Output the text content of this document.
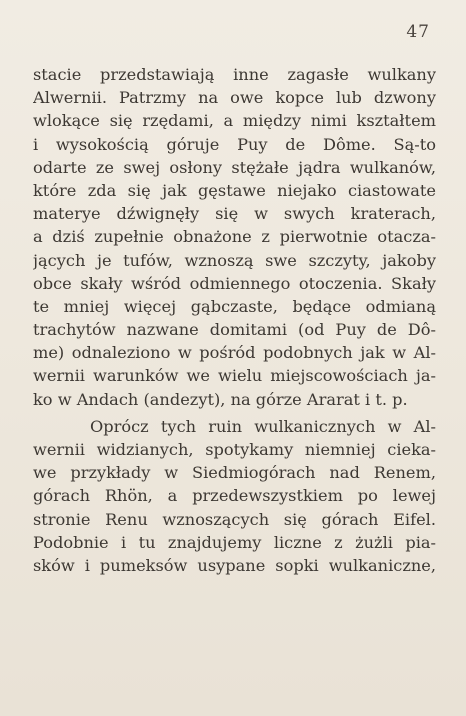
47
stacie przedstawiają inne zagasłe wulkany
Alwernii. Patrzmy na owe kopce lub dzwony
wlokące się rzędami, a między nimi kształtem
i wysokością góruje Puy de Dôme. Są-to
odarte ze swej osłony stężałe jądra wulkanów,
które zda się jak gęstawe niejako ciastowate
materye dźwignęły się w swych kraterach,
a dziś zupełnie obnażone z pierwotnie otacza-
jących je tufów, wznoszą swe szczyty, jakoby
obce skały wśród odmiennego otoczenia. Skały
te mniej więcej gąbczaste, będące odmianą
trachytów nazwane domitami (od Puy de Dô-
me) odnaleziono w pośród podobnych jak w Al-
wernii warunków we wielu miejscowościach ja-
ko w Andach (andezyt), na górze Ararat i t. p.
Oprócz tych ruin wulkanicznych w Al-
wernii widzianych, spotykamy niemniej cieka-
we przykłady w Siedmiogórach nad Renem,
górach Rhön, a przedewszystkiem po lewej
stronie Renu wznoszących się górach Eifel.
Podobnie i tu znajdujemy liczne z żużli pia-
sków i pumeksów usypane sopki wulkaniczne,
